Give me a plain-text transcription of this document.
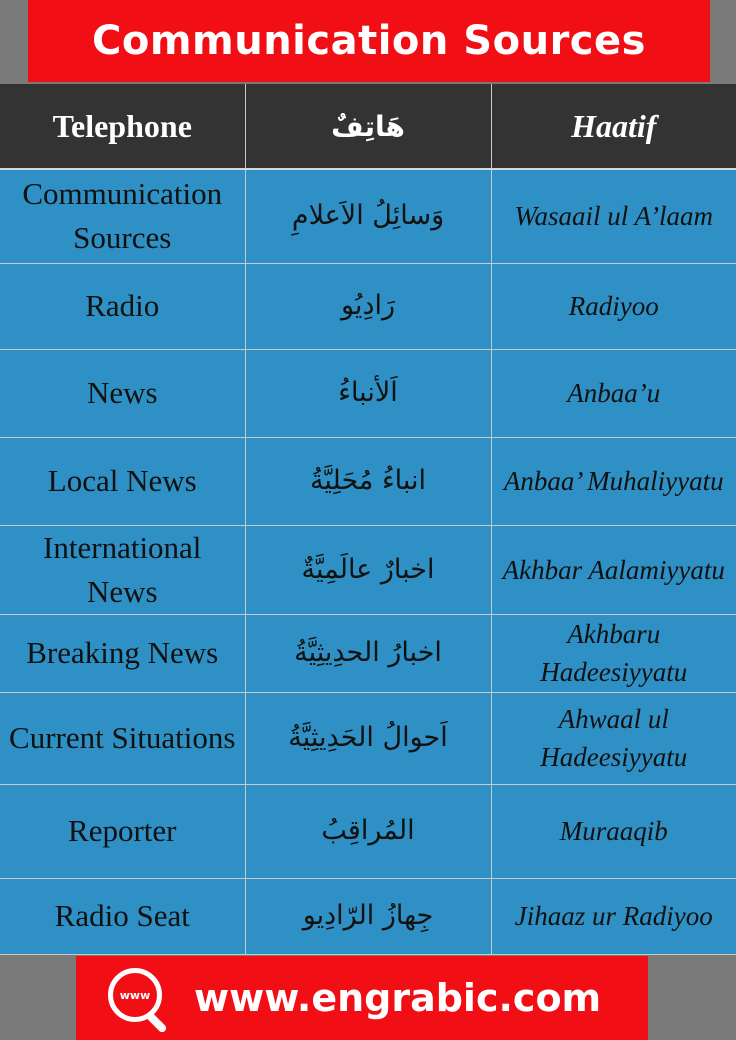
Communication Sources
Telephone	هَاتِفٌ	Haatif
Communication Sources	وَسائِلُ الاَعلامِ	Wasaail ul A’laam
Radio	رَادِيُو	Radiyoo
News	اَلأنباءُ	Anbaa’u
Local News	انباءُ مُحَلِيَّةُ	Anbaa’ Muhaliyyatu
International News	اخبارٌ عالَمِيَّةٌ	Akhbar Aalamiyyatu
Breaking News	اخبارُ الحدِيثِيَّةُ	Akhbaru Hadeesiyyatu
Current Situations	اَحوالُ الحَدِيثِيَّةُ	Ahwaal ul Hadeesiyyatu
Reporter	المُراقِبُ	Muraaqib
Radio Seat	جِهازُ الرّادِيو	Jihaaz ur Radiyoo
www www.engrabic.com
